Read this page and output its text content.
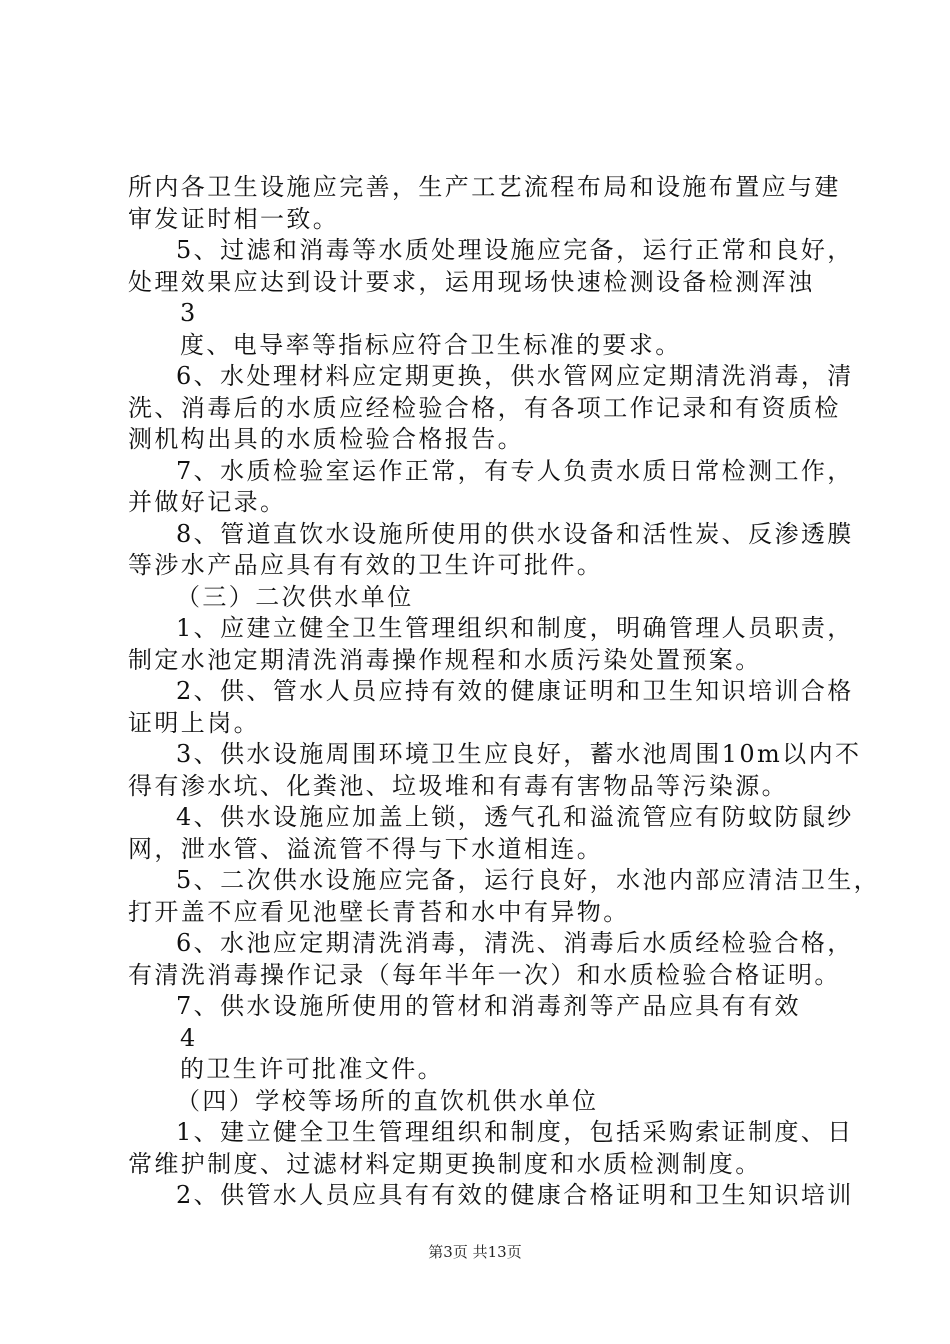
所内各卫生设施应完善，生产工艺流程布局和设施布置应与建
审发证时相一致。
5、过滤和消毒等水质处理设施应完备，运行正常和良好，
处理效果应达到设计要求，运用现场快速检测设备检测浑浊
3
度、电导率等指标应符合卫生标准的要求。
6、水处理材料应定期更换，供水管网应定期清洗消毒，清
洗、消毒后的水质应经检验合格，有各项工作记录和有资质检
测机构出具的水质检验合格报告。
7、水质检验室运作正常，有专人负责水质日常检测工作，
并做好记录。
8、管道直饮水设施所使用的供水设备和活性炭、反渗透膜
等涉水产品应具有有效的卫生许可批件。
（三）二次供水单位
1、应建立健全卫生管理组织和制度，明确管理人员职责，
制定水池定期清洗消毒操作规程和水质污染处置预案。
2、供、管水人员应持有效的健康证明和卫生知识培训合格
证明上岗。
3、供水设施周围环境卫生应良好，蓄水池周围10m以内不
得有渗水坑、化粪池、垃圾堆和有毒有害物品等污染源。
4、供水设施应加盖上锁，透气孔和溢流管应有防蚊防鼠纱
网，泄水管、溢流管不得与下水道相连。
5、二次供水设施应完备，运行良好，水池内部应清洁卫生，
打开盖不应看见池壁长青苔和水中有异物。
6、水池应定期清洗消毒，清洗、消毒后水质经检验合格，
有清洗消毒操作记录（每年半年一次）和水质检验合格证明。
7、供水设施所使用的管材和消毒剂等产品应具有有效
4
的卫生许可批准文件。
（四）学校等场所的直饮机供水单位
1、建立健全卫生管理组织和制度，包括采购索证制度、日
常维护制度、过滤材料定期更换制度和水质检测制度。
2、供管水人员应具有有效的健康合格证明和卫生知识培训
第3页 共13页
